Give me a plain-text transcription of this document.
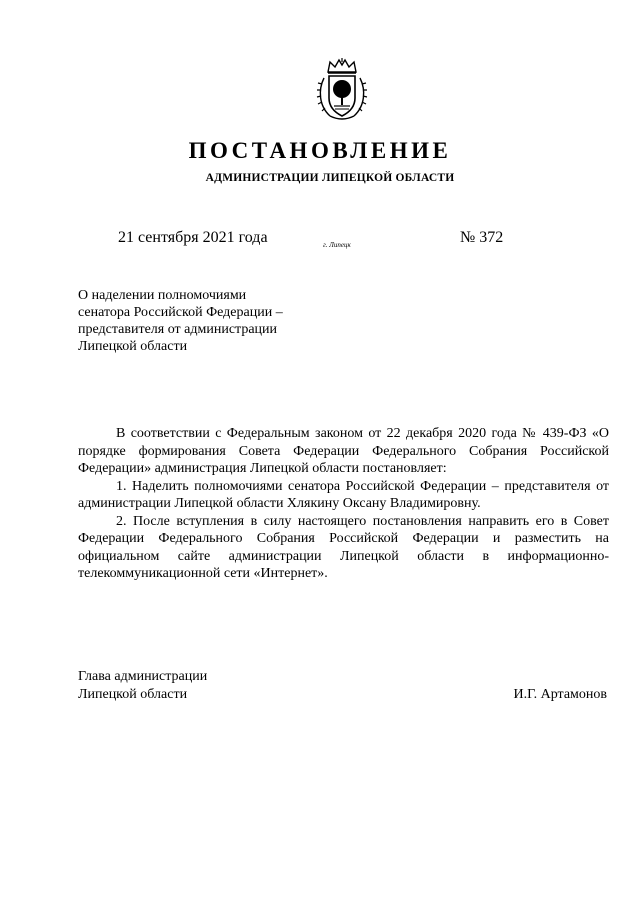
ПОСТАНОВЛЕНИЕ
АДМИНИСТРАЦИИ ЛИПЕЦКОЙ ОБЛАСТИ
21 сентября 2021 года	г. Липецк	№ 372
О наделении полномочиями
сенатора Российской Федерации –
представителя от администрации
Липецкой области

В соответствии с Федеральным законом от 22 декабря 2020 года № 439-ФЗ «О порядке формирования Совета Федерации Федерального Собрания Российской Федерации» администрация Липецкой области постановляет:

1. Наделить полномочиями сенатора Российской Федерации – представителя от администрации Липецкой области Хлякину Оксану Владимировну.

2. После вступления в силу настоящего постановления направить его в Совет Федерации Федерального Собрания Российской Федерации и разместить на официальном сайте администрации Липецкой области в информационно-телекоммуникационной сети «Интернет».

Глава администрации
Липецкой области	И.Г. Артамонов
